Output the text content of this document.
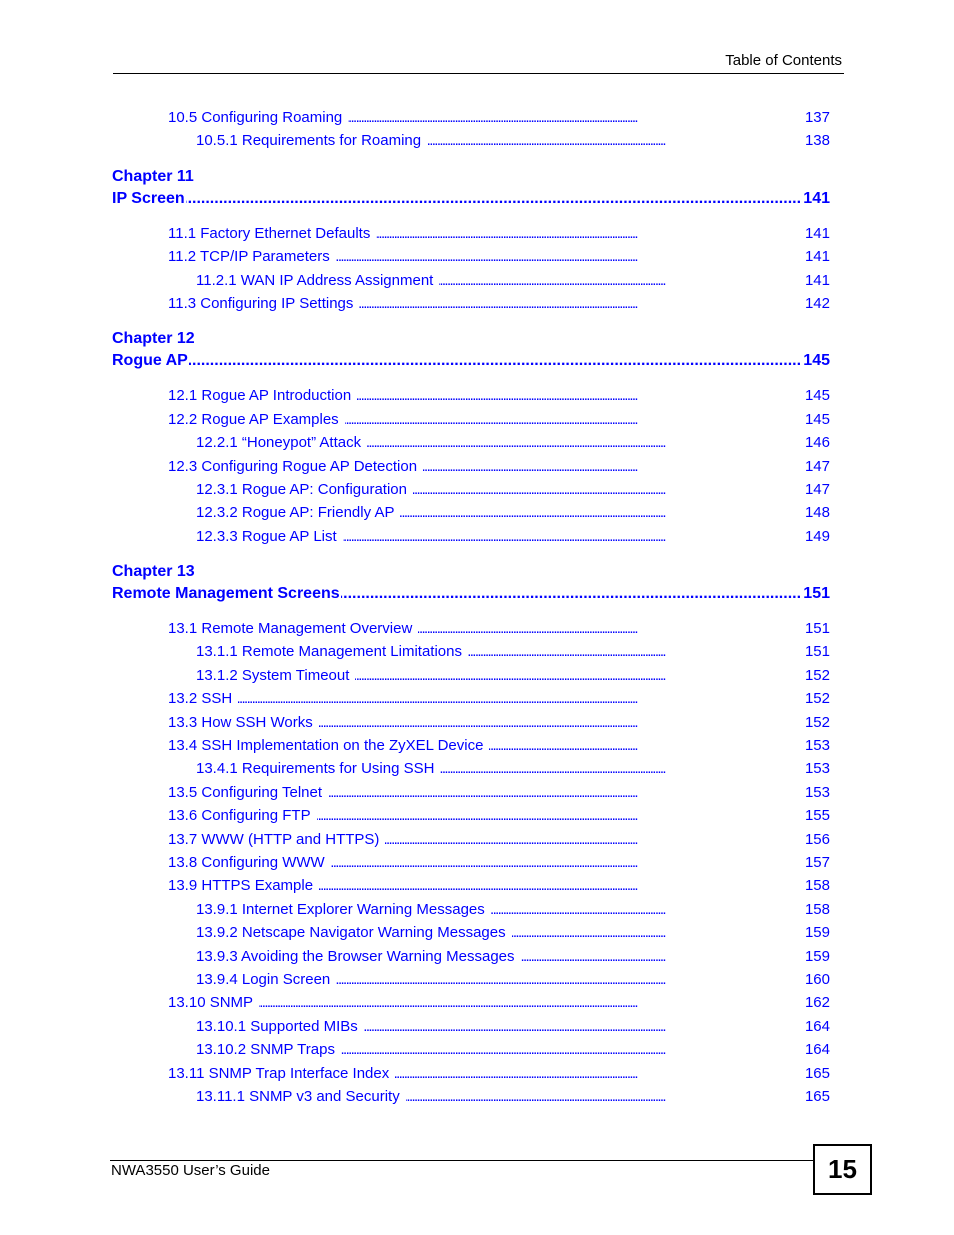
Table of Contents
10.5 Configuring Roaming	137
. . .
10.5.1 Requirements for Roaming	138
. . .
Chapter 11
IP Screen	141
.....
11.1 Factory Ethernet Defaults	141
. . .
11.2 TCP/IP Parameters	141
. . .
11.2.1 WAN IP Address Assignment	141
. . .
11.3 Configuring IP Settings	142
. . .
Chapter 12
Rogue AP	145
.....
12.1 Rogue AP Introduction	145
. . .
12.2 Rogue AP Examples	145
. . .
12.2.1 “Honeypot” Attack	146
. . .
12.3 Configuring Rogue AP Detection	147
. . .
12.3.1 Rogue AP: Configuration	147
. . .
12.3.2 Rogue AP: Friendly AP	148
. . .
12.3.3 Rogue AP List	149
. . .
Chapter 13
Remote Management Screens	151
.....
13.1 Remote Management Overview	151
. . .
13.1.1 Remote Management Limitations	151
. . .
13.1.2 System Timeout	152
. . .
13.2 SSH	152
. . .
13.3 How SSH Works	152
. . .
13.4 SSH Implementation on the ZyXEL Device	153
. . .
13.4.1 Requirements for Using SSH	153
. . .
13.5 Configuring Telnet	153
. . .
13.6 Configuring FTP	155
. . .
13.7 WWW (HTTP and HTTPS)	156
. . .
13.8 Configuring WWW	157
. . .
13.9 HTTPS Example	158
. . .
13.9.1 Internet Explorer Warning Messages	158
. . .
13.9.2 Netscape Navigator Warning Messages	159
. . .
13.9.3 Avoiding the Browser Warning Messages	159
. . .
13.9.4 Login Screen	160
. . .
13.10 SNMP	162
. . .
13.10.1 Supported MIBs	164
. . .
13.10.2 SNMP Traps	164
. . .
13.11 SNMP Trap Interface Index	165
. . .
13.11.1 SNMP v3 and Security	165
. . .
NWA3550 User’s Guide	15
